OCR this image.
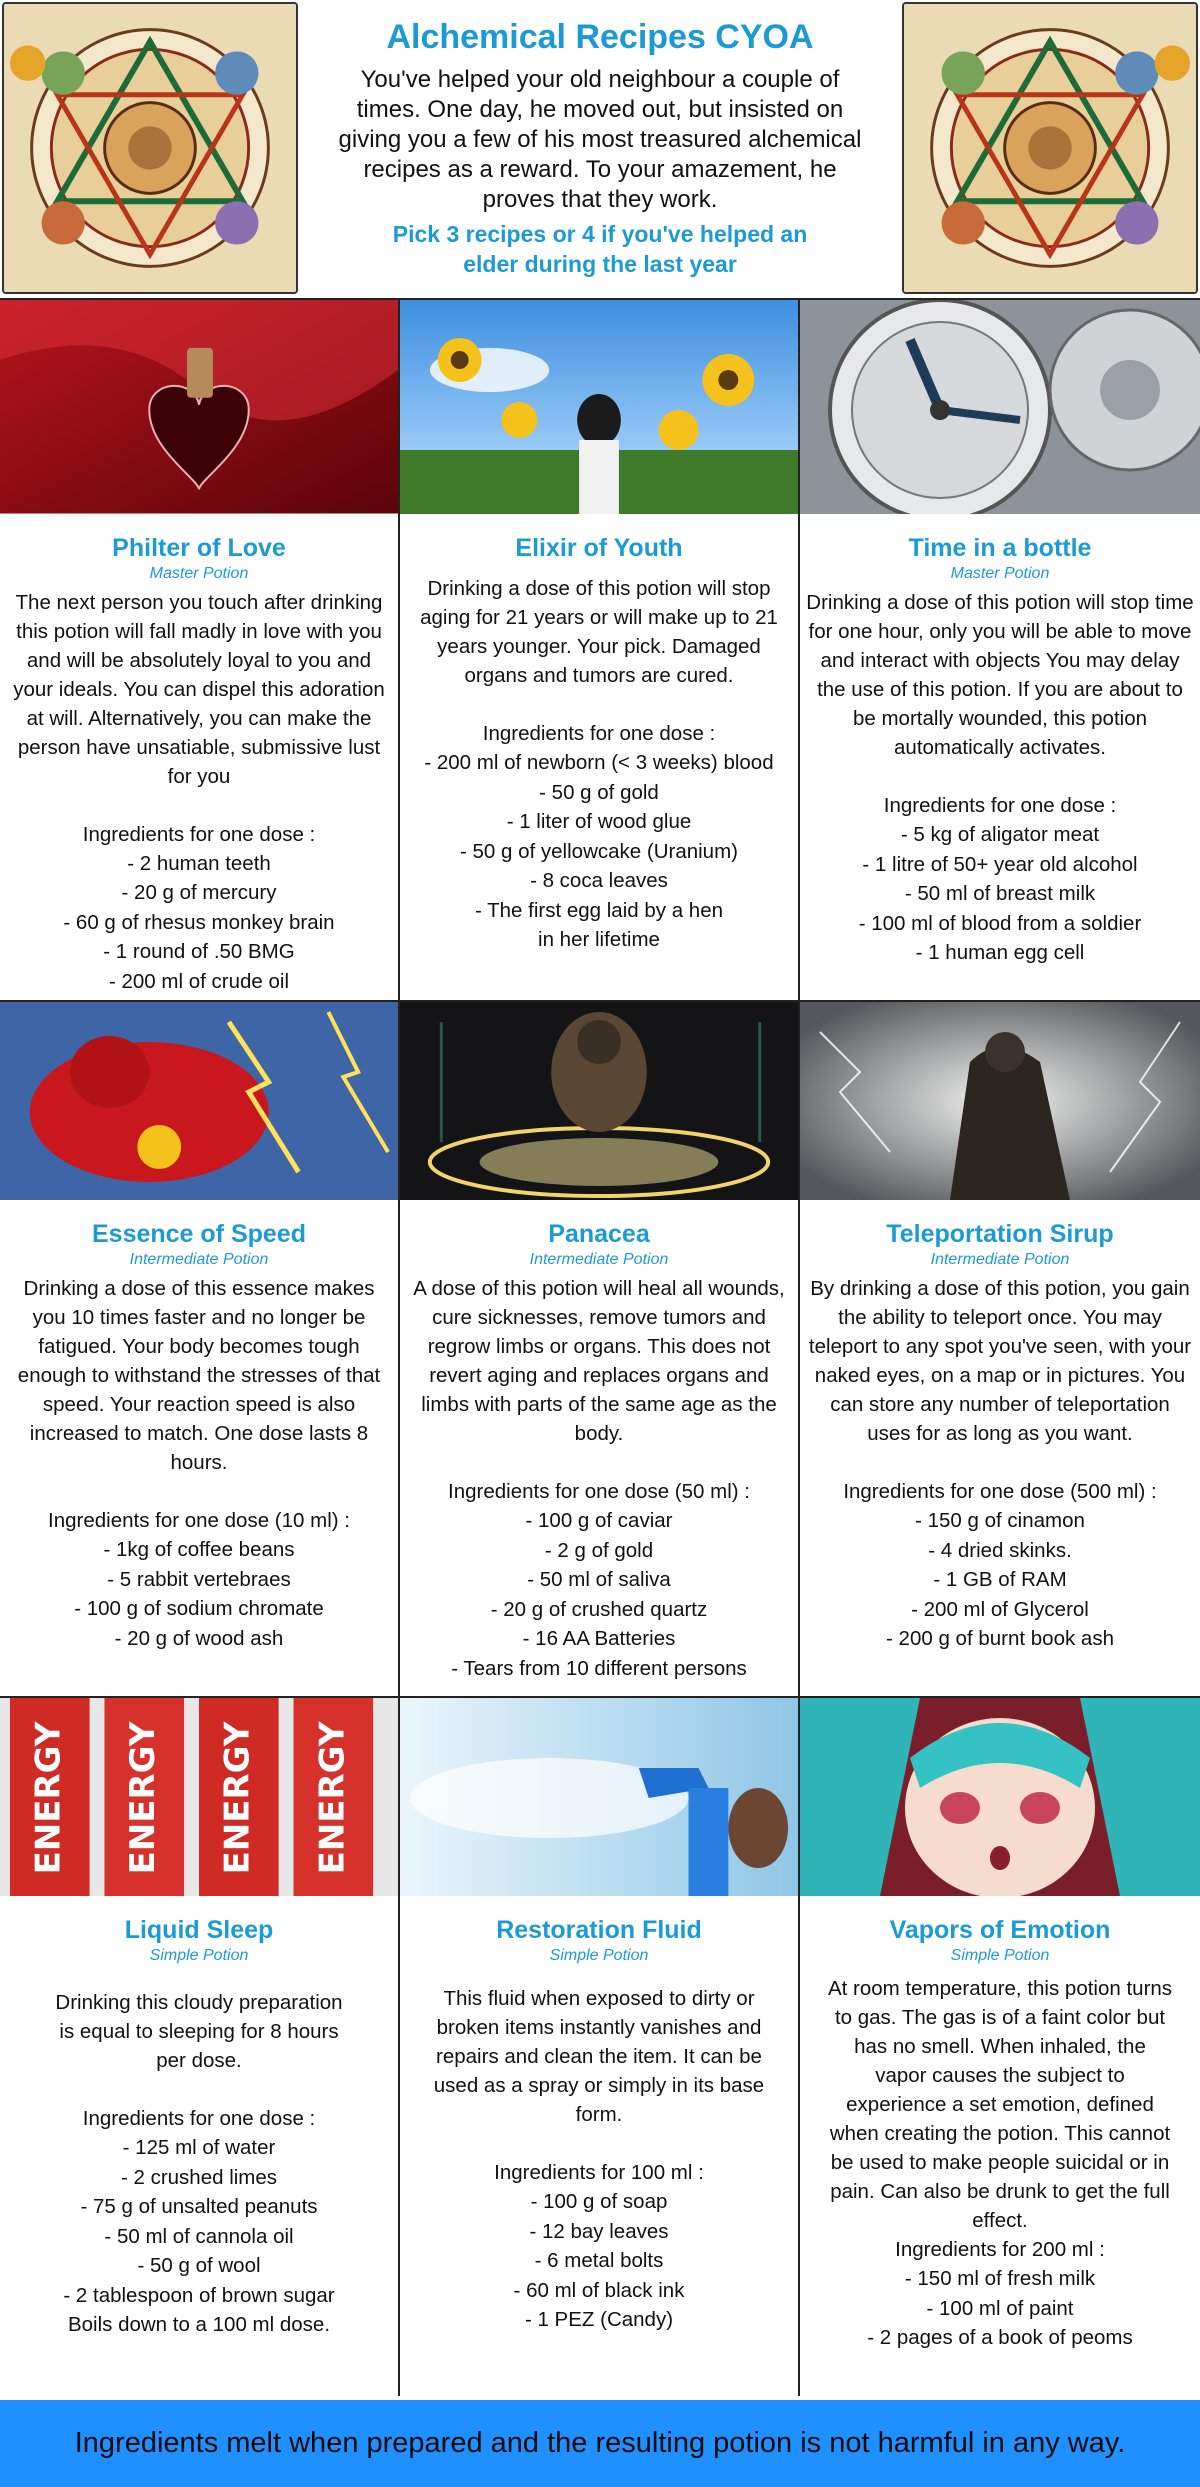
Alchemical Recipes CYOA
You've helped your old neighbour a couple of times. One day, he moved out, but insisted on giving you a few of his most treasured alchemical recipes as a reward. To your amazement, he proves that they work.
Pick 3 recipes or 4 if you've helped an elder during the last year
Philter of Love
Master Potion
The next person you touch after drinking this potion will fall madly in love with you and will be absolutely loyal to you and your ideals. You can dispel this adoration at will. Alternatively, you can make the person have unsatiable, submissive lust for you
Ingredients for one dose :
- 2 human teeth
- 20 g of mercury
- 60 g of rhesus monkey brain
- 1 round of .50 BMG
- 200 ml of crude oil
Elixir of Youth
Drinking a dose of this potion will stop aging for 21 years or will make up to 21 years younger. Your pick. Damaged organs and tumors are cured.
Ingredients for one dose :
- 200 ml of newborn (< 3 weeks) blood
- 50 g of gold
- 1 liter of wood glue
- 50 g of yellowcake (Uranium)
- 8 coca leaves
- The first egg laid by a hen in her lifetime
Time in a bottle
Master Potion
Drinking a dose of this potion will stop time for one hour, only you will be able to move and interact with objects You may delay the use of this potion. If you are about to be mortally wounded, this potion automatically activates.
Ingredients for one dose :
- 5 kg of aligator meat
- 1 litre of 50+ year old alcohol
- 50 ml of breast milk
- 100 ml of blood from a soldier
- 1 human egg cell
Essence of Speed
Intermediate Potion
Drinking a dose of this essence makes you 10 times faster and no longer be fatigued. Your body becomes tough enough to withstand the stresses of that speed. Your reaction speed is also increased to match. One dose lasts 8 hours.
Ingredients for one dose (10 ml) :
- 1kg of coffee beans
- 5 rabbit vertebraes
- 100 g of sodium chromate
- 20 g of wood ash
Panacea
Intermediate Potion
A dose of this potion will heal all wounds, cure sicknesses, remove tumors and regrow limbs or organs. This does not revert aging and replaces organs and limbs with parts of the same age as the body.
Ingredients for one dose (50 ml) :
- 100 g of caviar
- 2 g of gold
- 50 ml of saliva
- 20 g of crushed quartz
- 16 AA Batteries
- Tears from 10 different persons
Teleportation Sirup
Intermediate Potion
By drinking a dose of this potion, you gain the ability to teleport once. You may teleport to any spot you've seen, with your naked eyes, on a map or in pictures. You can store any number of teleportation uses for as long as you want.
Ingredients for one dose (500 ml) :
- 150 g of cinamon
- 4 dried skinks.
- 1 GB of RAM
- 200 ml of Glycerol
- 200 g of burnt book ash
ENERGY ENERGY ENERGY ENERGY
Liquid Sleep
Simple Potion
Drinking this cloudy preparation is equal to sleeping for 8 hours per dose.
Ingredients for one dose :
- 125 ml of water
- 2 crushed limes
- 75 g of unsalted peanuts
- 50 ml of cannola oil
- 50 g of wool
- 2 tablespoon of brown sugar
Boils down to a 100 ml dose.
Restoration Fluid
Simple Potion
This fluid when exposed to dirty or broken items instantly vanishes and repairs and clean the item. It can be used as a spray or simply in its base form.
Ingredients for 100 ml :
- 100 g of soap
- 12 bay leaves
- 6 metal bolts
- 60 ml of black ink
- 1 PEZ (Candy)
Vapors of Emotion
Simple Potion
At room temperature, this potion turns to gas. The gas is of a faint color but has no smell. When inhaled, the vapor causes the subject to experience a set emotion, defined when creating the potion. This cannot be used to make people suicidal or in pain. Can also be drunk to get the full effect.
Ingredients for 200 ml :
- 150 ml of fresh milk
- 100 ml of paint
- 2 pages of a book of peoms
Ingredients melt when prepared and the resulting potion is not harmful in any way.
